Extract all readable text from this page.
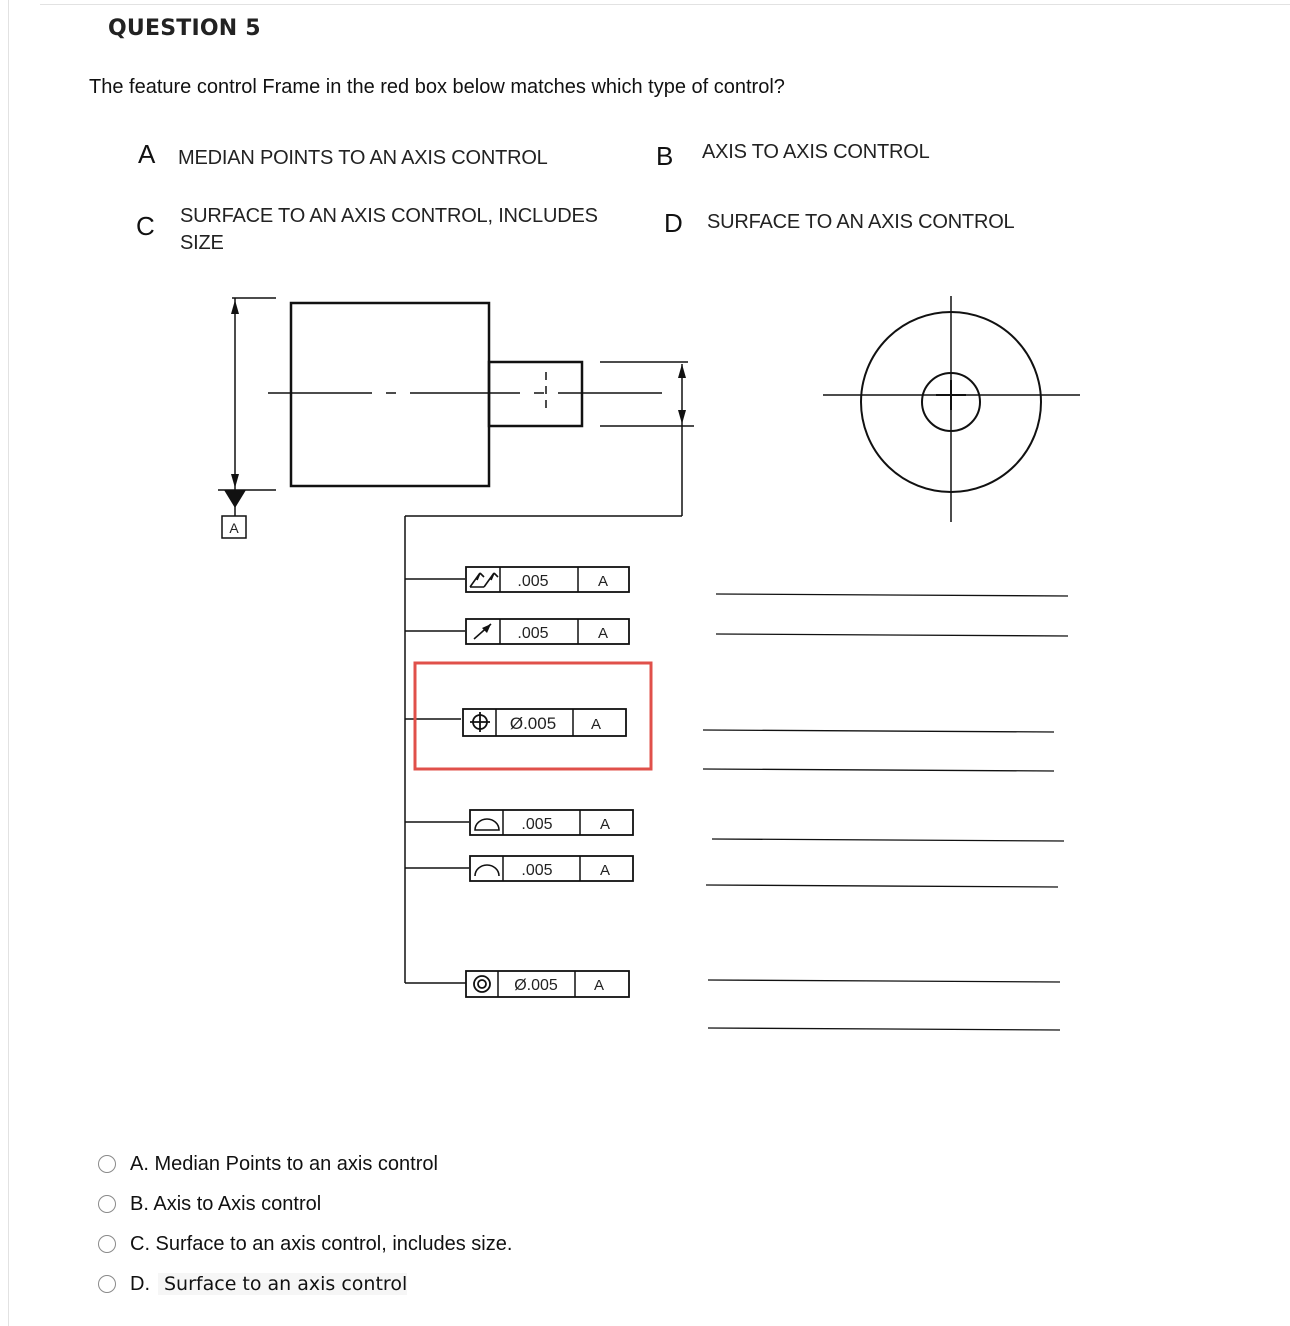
QUESTION 5
The feature control Frame in the red box below matches which type of control?
A MEDIAN POINTS TO AN AXIS CONTROL	B AXIS TO AXIS CONTROL
C SURFACE TO AN AXIS CONTROL, INCLUDES
SIZE
D SURFACE TO AN AXIS CONTROL
A
.005	A
.005	A
Ø.005 A
.005	A
.005	A
Ø.005 A
A. Median Points to an axis control
B. Axis to Axis control
C. Surface to an axis control, includes size.
D. Surface to an axis control
